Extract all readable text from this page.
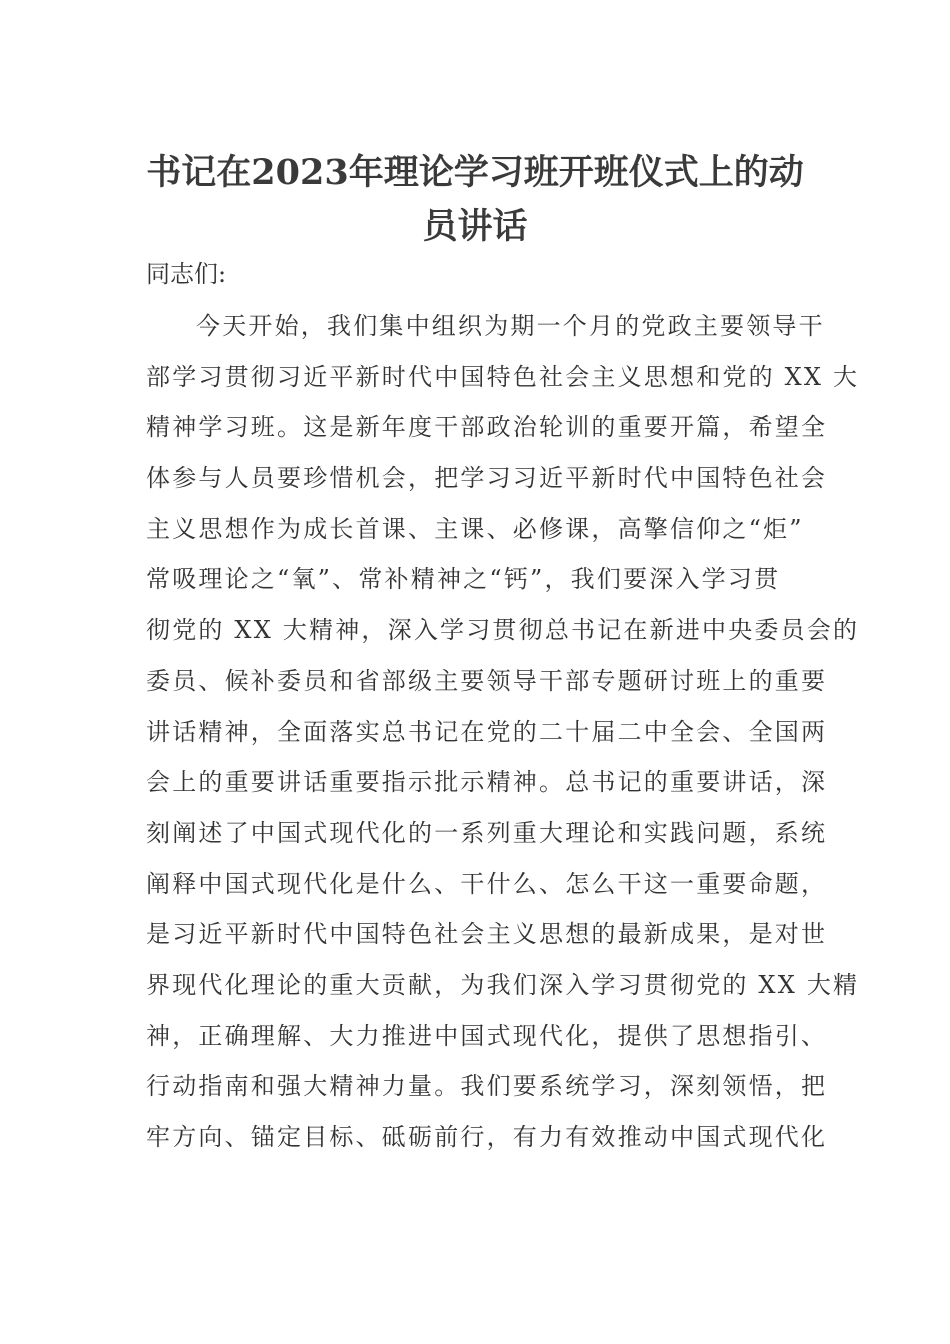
书记在2023年理论学习班开班仪式上的动员讲话

同志们:

今天开始，我们集中组织为期一个月的党政主要领导干
部学习贯彻习近平新时代中国特色社会主义思想和党的 XX 大
精神学习班。这是新年度干部政治轮训的重要开篇，希望全
体参与人员要珍惜机会，把学习习近平新时代中国特色社会
主义思想作为成长首课、主课、必修课，高擎信仰之“炬”
常吸理论之“氧”、常补精神之“钙”，我们要深入学习贯
彻党的 XX 大精神，深入学习贯彻总书记在新进中央委员会的
委员、候补委员和省部级主要领导干部专题研讨班上的重要
讲话精神，全面落实总书记在党的二十届二中全会、全国两
会上的重要讲话重要指示批示精神。总书记的重要讲话，深
刻阐述了中国式现代化的一系列重大理论和实践问题，系统
阐释中国式现代化是什么、干什么、怎么干这一重要命题，
是习近平新时代中国特色社会主义思想的最新成果，是对世
界现代化理论的重大贡献，为我们深入学习贯彻党的 XX 大精
神，正确理解、大力推进中国式现代化，提供了思想指引、
行动指南和强大精神力量。我们要系统学习，深刻领悟，把
牢方向、锚定目标、砥砺前行，有力有效推动中国式现代化
